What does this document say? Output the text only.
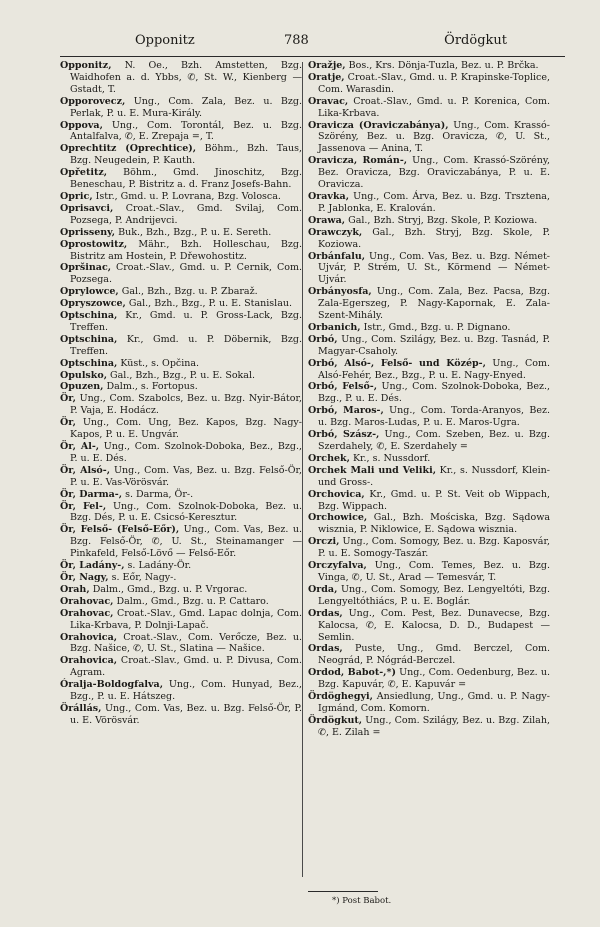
Opponitz	788	Ördögkut

Opponitz, N. Oe., Bzh. Amstetten, Bzg. Waidhofen a. d. Ybbs, ✆, St. W., Kienberg — Gstadt, T.

Opporovecz, Ung., Com. Zala, Bez. u. Bzg. Perlak, P. u. E. Mura-Király.

Oppova, Ung., Com. Torontál, Bez. u. Bzg. Antalfalva, ✆, E. Zrepaja =, T.

Oprechtitz (Oprechtice), Böhm., Bzh. Taus, Bzg. Neugedein, P. Kauth.

Opřetitz, Böhm., Gmd. Jinoschitz, Bzg. Beneschau, P. Bistritz a. d. Franz Josefs-Bahn.

Opric, Istr., Gmd. u. P. Lovrana, Bzg. Volosca.

Oprisavci, Croat.-Slav., Gmd. Svilaj, Com. Pozsega, P. Andrijevci.

Oprisseny, Buk., Bzh., Bzg., P. u. E. Sereth.

Oprostowitz, Mähr., Bzh. Holleschau, Bzg. Bistritz am Hostein, P. Dřewohostitz.

Opršinac, Croat.-Slav., Gmd. u. P. Cernik, Com. Pozsega.

Oprylowce, Gal., Bzh., Bzg. u. P. Zbaraž.

Opryszowce, Gal., Bzh., Bzg., P. u. E. Stanislau.

Optschina, Kr., Gmd. u. P. Gross-Lack, Bzg. Treffen.

Optschina, Kr., Gmd. u. P. Döbernik, Bzg. Treffen.

Optschina, Küst., s. Opčina.

Opulsko, Gal., Bzh., Bzg., P. u. E. Sokal.

Opuzen, Dalm., s. Fortopus.

Ör, Ung., Com. Szabolcs, Bez. u. Bzg. Nyir-Bátor, P. Vaja, E. Hodácz.

Ör, Ung., Com. Ung, Bez. Kapos, Bzg. Nagy-Kapos, P. u. E. Ungvár.

Ör, Al-, Ung., Com. Szolnok-Doboka, Bez., Bzg., P. u. E. Dés.

Ör, Alsó-, Ung., Com. Vas, Bez. u. Bzg. Felső-Ör, P. u. E. Vas-Vörösvár.

Ör, Darma-, s. Darma, Ör-.

Ör, Fel-, Ung., Com. Szolnok-Doboka, Bez. u. Bzg. Dés, P. u. E. Csicsó-Keresztur.

Ör, Felső- (Felső-Eőr), Ung., Com. Vas, Bez. u. Bzg. Felső-Ör, ✆, U. St., Steinamanger — Pinkafeld, Felső-Lövő — Felső-Eőr.

Ör, Ladány-, s. Ladány-Ör.

Ör, Nagy, s. Eőr, Nagy-.

Orah, Dalm., Gmd., Bzg. u. P. Vrgorac.

Orahovac, Dalm., Gmd., Bzg. u. P. Cattaro.

Orahovac, Croat.-Slav., Gmd. Lapac dolnja, Com. Lika-Krbava, P. Dolnji-Lapač.

Orahovica, Croat.-Slav., Com. Verőcze, Bez. u. Bzg. Našice, ✆, U. St., Slatina — Našice.

Orahovica, Croat.-Slav., Gmd. u. P. Divusa, Com. Agram.

Óralja-Boldogfalva, Ung., Com. Hunyad, Bez., Bzg., P. u. E. Hátszeg.

Örállás, Ung., Com. Vas, Bez. u. Bzg. Felső-Ör, P. u. E. Vörösvár.

Oražje, Bos., Krs. Dönja-Tuzla, Bez. u. P. Brčka.

Oratje, Croat.-Slav., Gmd. u. P. Krapinske-Toplice, Com. Warasdin.

Oravac, Croat.-Slav., Gmd. u. P. Korenica, Com. Lika-Krbava.

Oravicza (Oraviczabánya), Ung., Com. Krassó-Szörény, Bez. u. Bzg. Oravicza, ✆, U. St., Jassenova — Anina, T.

Oravicza, Román-, Ung., Com. Krassó-Szörény, Bez. Oravicza, Bzg. Oraviczabánya, P. u. E. Oravicza.

Oravka, Ung., Com. Árva, Bez. u. Bzg. Trsztena, P. Jablonka, E. Kralován.

Orawa, Gal., Bzh. Stryj, Bzg. Skole, P. Koziowa.

Orawczyk, Gal., Bzh. Stryj, Bzg. Skole, P. Koziowa.

Orbánfalu, Ung., Com. Vas, Bez. u. Bzg. Német-Ujvár, P. Strém, U. St., Körmend — Német-Ujvár.

Orbányosfa, Ung., Com. Zala, Bez. Pacsa, Bzg. Zala-Egerszeg, P. Nagy-Kapornak, E. Zala-Szent-Mihály.

Orbanich, Istr., Gmd., Bzg. u. P. Dignano.

Orbó, Ung., Com. Szilágy, Bez. u. Bzg. Tasnád, P. Magyar-Csaholy.

Orbó, Alsó-, Felső- und Közép-, Ung., Com. Alsó-Fehér, Bez., Bzg., P. u. E. Nagy-Enyed.

Orbó, Felső-, Ung., Com. Szolnok-Doboka, Bez., Bzg., P. u. E. Dés.

Orbó, Maros-, Ung., Com. Torda-Aranyos, Bez. u. Bzg. Maros-Ludas, P. u. E. Maros-Ugra.

Orbó, Szász-, Ung., Com. Szeben, Bez. u. Bzg. Szerdahely, ✆, E. Szerdahely =

Orchek, Kr., s. Nussdorf.

Orchek Mali und Veliki, Kr., s. Nussdorf, Klein- und Gross-.

Orchovica, Kr., Gmd. u. P. St. Veit ob Wippach, Bzg. Wippach.

Orchowice, Gal., Bzh. Mościska, Bzg. Sądowa wisznia, P. Niklowice, E. Sądowa wisznia.

Orczi, Ung., Com. Somogy, Bez. u. Bzg. Kaposvár, P. u. E. Somogy-Taszár.

Orczyfalva, Ung., Com. Temes, Bez. u. Bzg. Vinga, ✆, U. St., Arad — Temesvár, T.

Orda, Ung., Com. Somogy, Bez. Lengyeltóti, Bzg. Lengyeltóthiács, P. u. E. Boglár.

Ordas, Ung., Com. Pest, Bez. Dunavecse, Bzg. Kalocsa, ✆, E. Kalocsa, D. D., Budapest — Semlin.

Ordas, Puste, Ung., Gmd. Berczel, Com. Neográd, P. Nógrád-Berczel.

Ordod, Babot-,*) Ung., Com. Oedenburg, Bez. u. Bzg. Kapuvár, ✆, E. Kapuvár =

Ördöghegyi, Ansiedlung, Ung., Gmd. u. P. Nagy-Igmánd, Com. Komorn.

Ördögkut, Ung., Com. Szilágy, Bez. u. Bzg. Zilah, ✆, E. Zilah =

*) Post Babot.
